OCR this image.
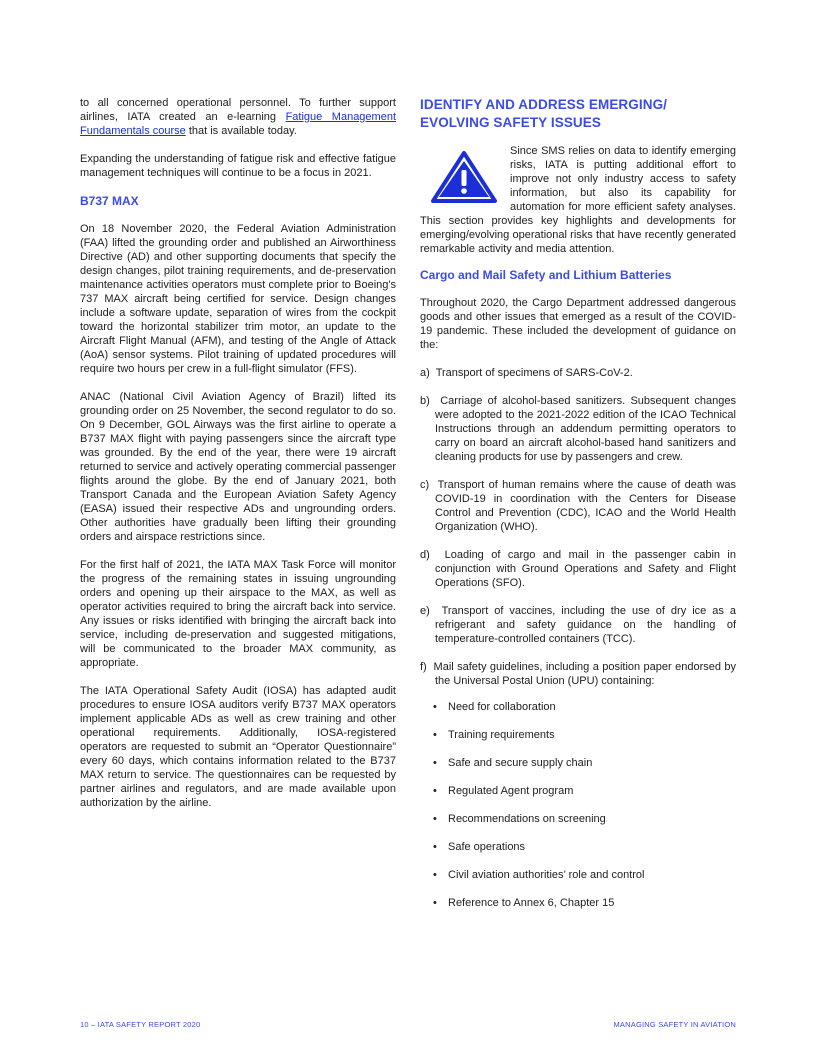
to all concerned operational personnel. To further support airlines, IATA created an e-learning Fatigue Management Fundamentals course that is available today.

Expanding the understanding of fatigue risk and effective fatigue management techniques will continue to be a focus in 2021.

B737 MAX

On 18 November 2020, the Federal Aviation Administration (FAA) lifted the grounding order and published an Airworthiness Directive (AD) and other supporting documents that specify the design changes, pilot training requirements, and de-preservation maintenance activities operators must complete prior to Boeing's 737 MAX aircraft being certified for service. Design changes include a software update, separation of wires from the cockpit toward the horizontal stabilizer trim motor, an update to the Aircraft Flight Manual (AFM), and testing of the Angle of Attack (AoA) sensor systems. Pilot training of updated procedures will require two hours per crew in a full-flight simulator (FFS).

ANAC (National Civil Aviation Agency of Brazil) lifted its grounding order on 25 November, the second regulator to do so. On 9 December, GOL Airways was the first airline to operate a B737 MAX flight with paying passengers since the aircraft type was grounded. By the end of the year, there were 19 aircraft returned to service and actively operating commercial passenger flights around the globe. By the end of January 2021, both Transport Canada and the European Aviation Safety Agency (EASA) issued their respective ADs and ungrounding orders. Other authorities have gradually been lifting their grounding orders and airspace restrictions since.

For the first half of 2021, the IATA MAX Task Force will monitor the progress of the remaining states in issuing ungrounding orders and opening up their airspace to the MAX, as well as operator activities required to bring the aircraft back into service. Any issues or risks identified with bringing the aircraft back into service, including de-preservation and suggested mitigations, will be communicated to the broader MAX community, as appropriate.

The IATA Operational Safety Audit (IOSA) has adapted audit procedures to ensure IOSA auditors verify B737 MAX operators implement applicable ADs as well as crew training and other operational requirements. Additionally, IOSA-registered operators are requested to submit an “Operator Questionnaire” every 60 days, which contains information related to the B737 MAX return to service. The questionnaires can be requested by partner airlines and regulators, and are made available upon authorization by the airline.

IDENTIFY AND ADDRESS EMERGING/
EVOLVING SAFETY ISSUES

Since SMS relies on data to identify emerging risks, IATA is putting additional effort to improve not only industry access to safety information, but also its capability for automation for more efficient safety analyses. This section provides key highlights and developments for emerging/evolving operational risks that have recently generated remarkable activity and media attention.

Cargo and Mail Safety and Lithium Batteries

Throughout 2020, the Cargo Department addressed dangerous goods and other issues that emerged as a result of the COVID-19 pandemic. These included the development of guidance on the:

a)  Transport of specimens of SARS-CoV-2.
b)  Carriage of alcohol-based sanitizers. Subsequent changes were adopted to the 2021-2022 edition of the ICAO Technical Instructions through an addendum permitting operators to carry on board an aircraft alcohol-based hand sanitizers and cleaning products for use by passengers and crew.
c)  Transport of human remains where the cause of death was COVID-19 in coordination with the Centers for Disease Control and Prevention (CDC), ICAO and the World Health Organization (WHO).
d)  Loading of cargo and mail in the passenger cabin in conjunction with Ground Operations and Safety and Flight Operations (SFO).
e)  Transport of vaccines, including the use of dry ice as a refrigerant and safety guidance on the handling of temperature-controlled containers (TCC).
f)  Mail safety guidelines, including a position paper endorsed by the Universal Postal Union (UPU) containing:
• Need for collaboration
• Training requirements
• Safe and secure supply chain
• Regulated Agent program
• Recommendations on screening
• Safe operations
• Civil aviation authorities’ role and control
• Reference to Annex 6, Chapter 15
10 – IATA SAFETY REPORT 2020	MANAGING SAFETY IN AVIATION
